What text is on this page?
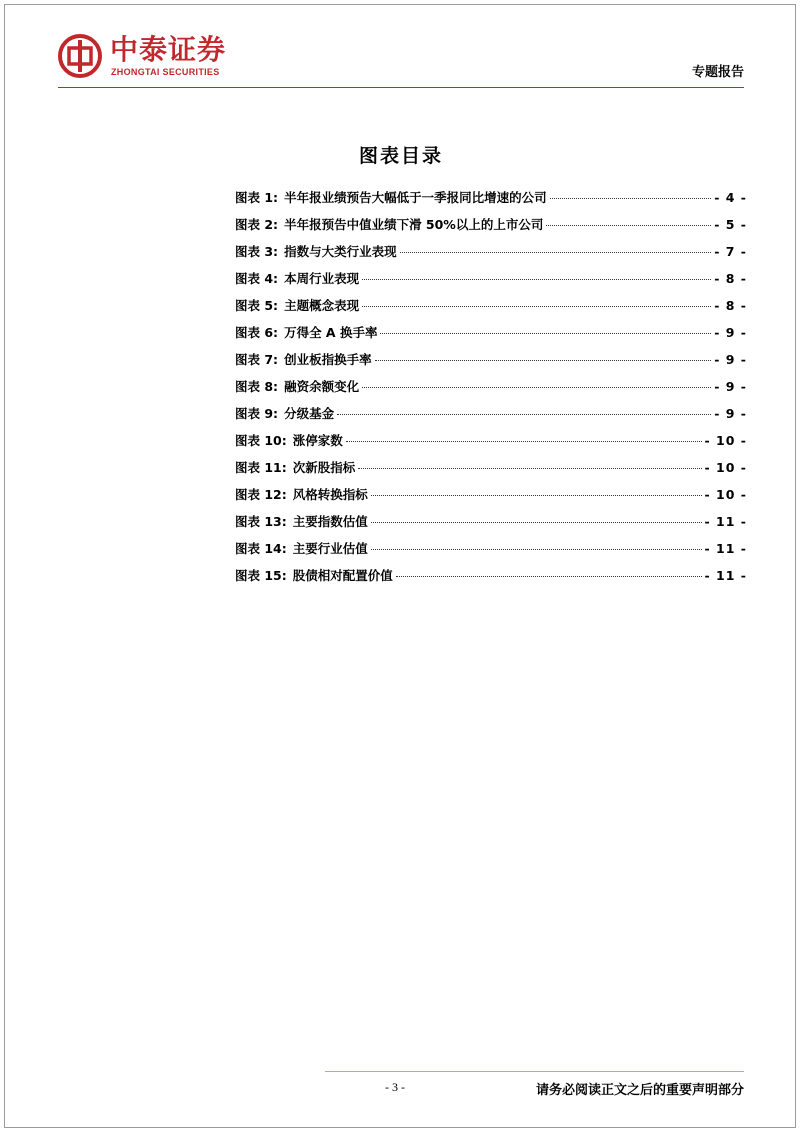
中泰证券
ZHONGTAI SECURITIES	专题报告
图表目录
图表 1: 半年报业绩预告大幅低于一季报同比增速的公司	- 4 -
图表 2: 半年报预告中值业绩下滑 50%以上的上市公司	- 5 -
图表 3: 指数与大类行业表现	- 7 -
图表 4: 本周行业表现	- 8 -
图表 5: 主题概念表现	- 8 -
图表 6: 万得全 A 换手率	- 9 -
图表 7: 创业板指换手率	- 9 -
图表 8: 融资余额变化	- 9 -
图表 9: 分级基金	- 9 -
图表 10: 涨停家数	- 10 -
图表 11: 次新股指标	- 10 -
图表 12: 风格转换指标	- 10 -
图表 13: 主要指数估值	- 11 -
图表 14: 主要行业估值	- 11 -
图表 15: 股债相对配置价值	- 11 -
- 3 -	请务必阅读正文之后的重要声明部分
